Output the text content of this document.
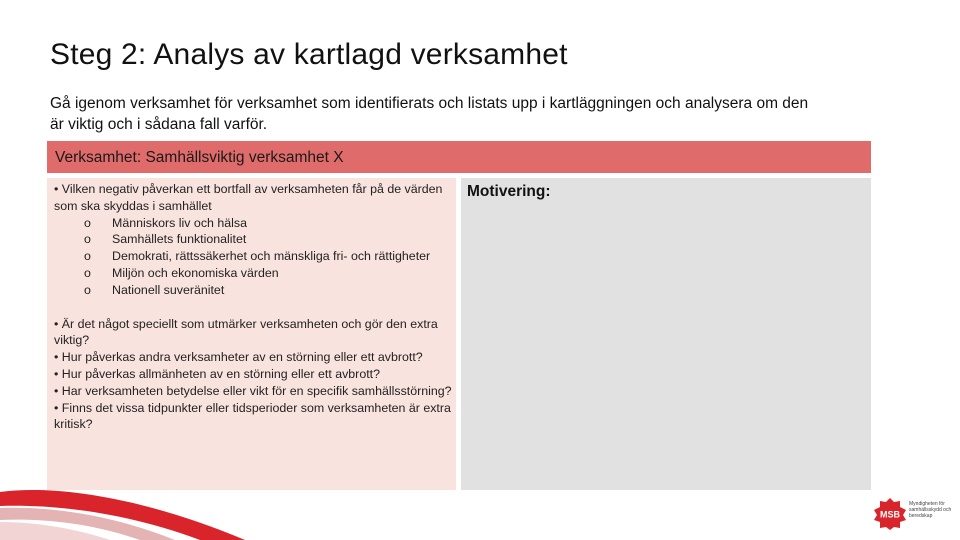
Steg 2: Analys av kartlagd verksamhet

Gå igenom verksamhet för verksamhet som identifierats och listats upp i kartläggningen och analysera om den är viktig och i sådana fall varför.

Verksamhet: Samhällsviktig verksamhet X

• Vilken negativ påverkan ett bortfall av verksamheten får på de värden som ska skyddas i samhället

o Människors liv och hälsa
o Samhällets funktionalitet
o Demokrati, rättssäkerhet och mänskliga fri- och rättigheter
o Miljön och ekonomiska värden
o Nationell suveränitet

• Är det något speciellt som utmärker verksamheten och gör den extra viktig?

• Hur påverkas andra verksamheter av en störning eller ett avbrott?

• Hur påverkas allmänheten av en störning eller ett avbrott?

• Har verksamheten betydelse eller vikt för en specifik samhällsstörning?

• Finns det vissa tidpunkter eller tidsperioder som verksamheten är extra kritisk?

Motivering:
MSB
Myndigheten för samhällsskydd och beredskap
